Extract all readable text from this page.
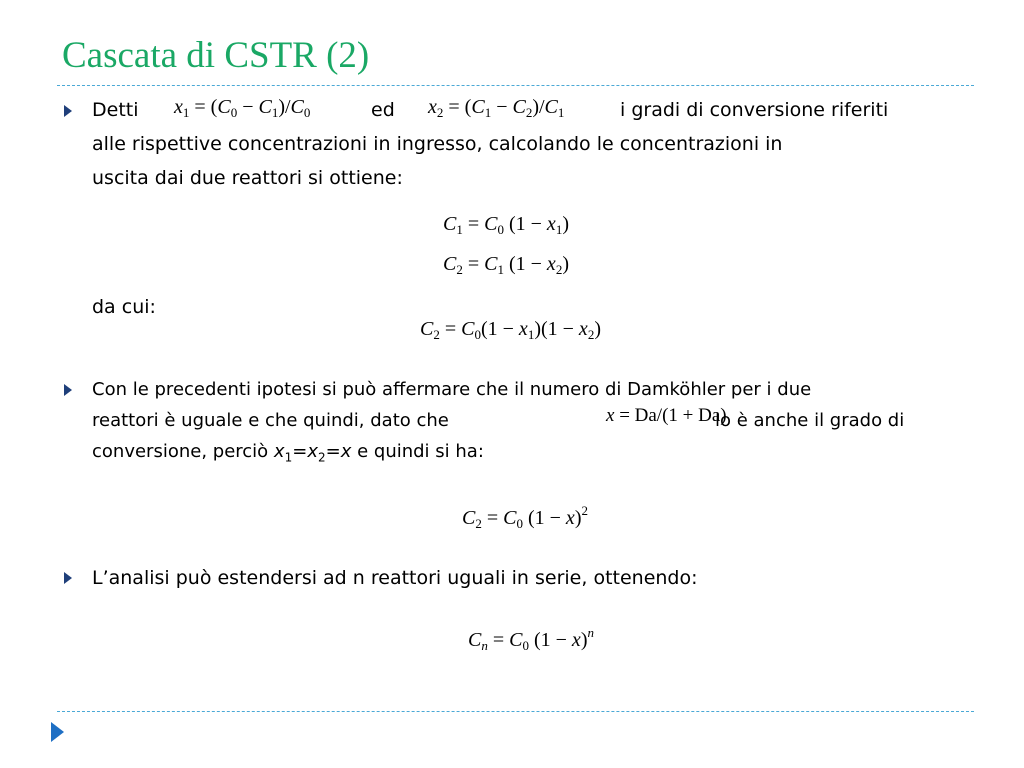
Cascata di CSTR (2)
Detti $x_1 = (C_0 - C_1)/C_0$	ed $x_2 = (C_1 - C_2)/C_1$	i gradi di conversione riferiti
alle rispettive concentrazioni in ingresso, calcolando le concentrazioni in
uscita dai due reattori si ottiene:
$C_1 = C_0$ $(1 - x_1)$
$C_2 = C_1$ $(1 - x_2)$
da cui:
$C_2 = C_0(1 - x_1)(1 - x_2)$
Con le precedenti ipotesi si può affermare che il numero di Damköhler per i due
reattori è uguale e che quindi, dato che	x = Da/(1 + Da)
lo è anche il grado di
conversione, perciò $x_1=x_2=x$ e quindi si ha:
$C_2 = C_0$ $(1 - x)^2$
L’analisi può estendersi ad n reattori uguali in serie, ottenendo:
$C_n = C_0$ $(1 - x)^n$
